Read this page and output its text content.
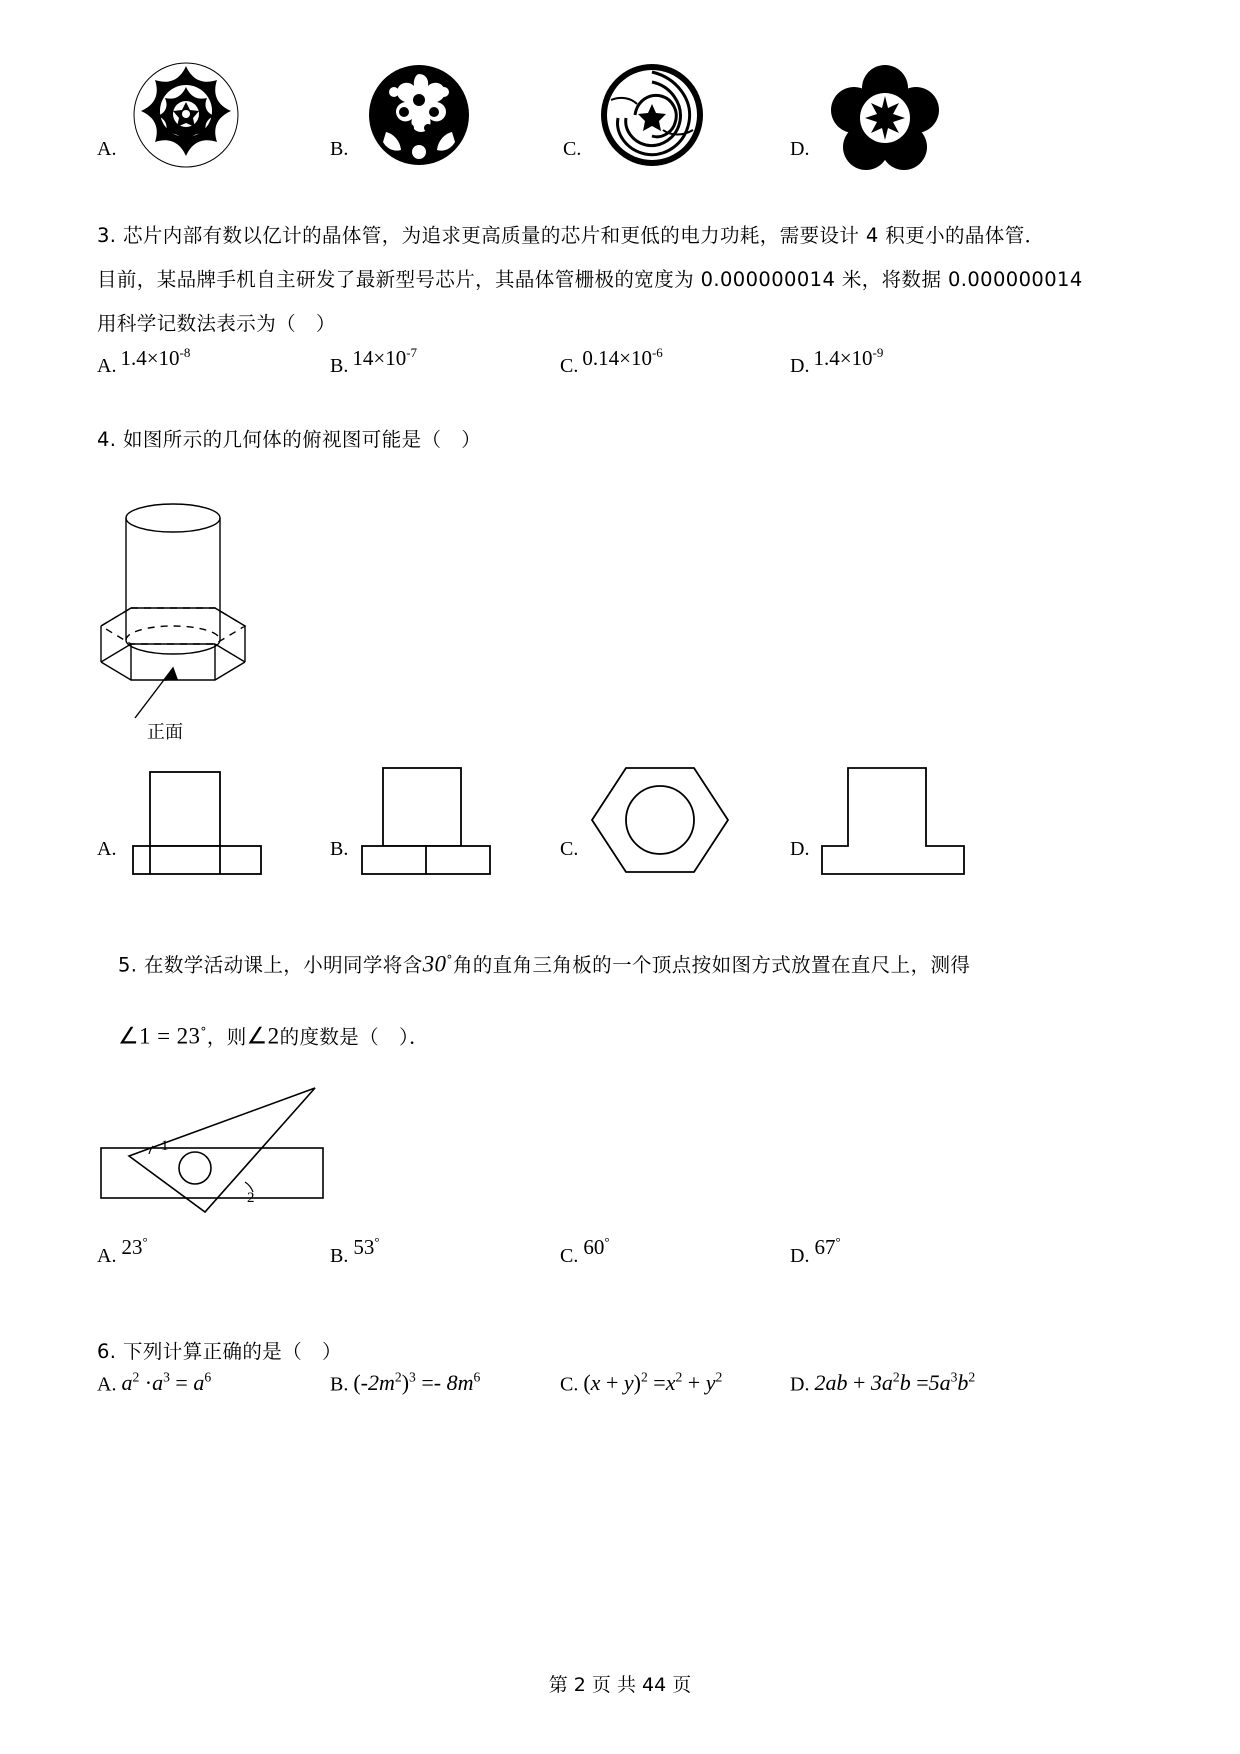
A.	B.	C.	D.
3. 芯片内部有数以亿计的晶体管，为追求更高质量的芯片和更低的电力功耗，需要设计 4 积更小的晶体管．
目前，某品牌手机自主研发了最新型号芯片，其晶体管栅极的宽度为 0.000000014 米，将数据 0.000000014
用科学记数法表示为（　）
A. $1.4\times 10^{-8}$
B. $14\times 10^{-7}$
C. $0.14\times 10^{-6}$
D. $1.4\times 10^{-9}$
4. 如图所示的几何体的俯视图可能是（　）
正面
A.	B.	C.	D.
5. 在数学活动课上，小明同学将含30°角的直角三角板的一个顶点按如图方式放置在直尺上，测得
∠1 = 23°，则∠2的度数是（　）．
1
2
A. 23°
B. 53°
C. 60°
D. 67°
6. 下列计算正确的是（　）
A. $a^2 \cdot a^3 = a^6$	B. $(-2m^2)^3 =- 8m^6$	C. $(x + y)^2 =x^2 + y^2$	D. $2ab + 3a^2b =5a^3b^2$
第 2 页 共 44 页
